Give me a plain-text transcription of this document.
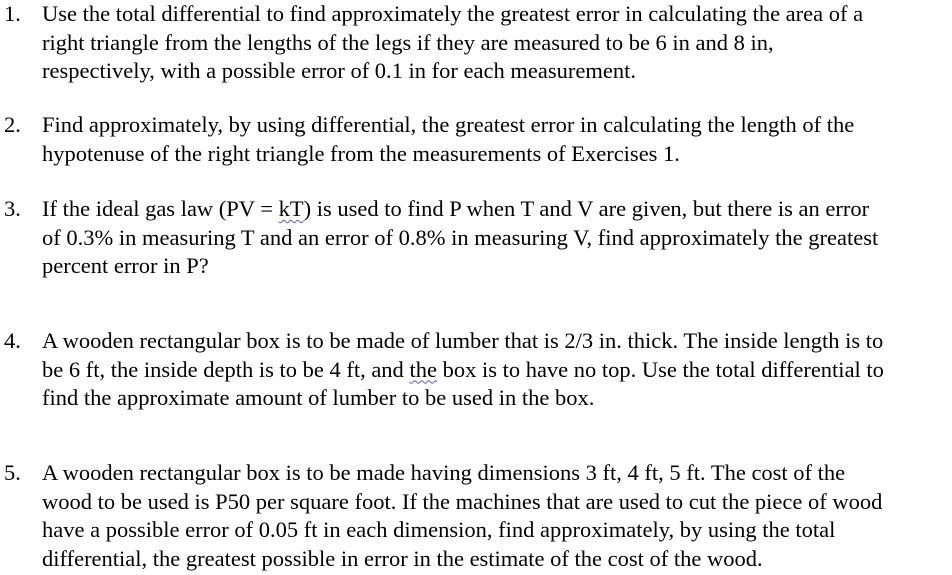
1. Use the total differential to find approximately the greatest error in calculating the area of a
right triangle from the lengths of the legs if they are measured to be 6 in and 8 in,
respectively, with a possible error of 0.1 in for each measurement.
2. Find approximately, by using differential, the greatest error in calculating the length of the
hypotenuse of the right triangle from the measurements of Exercises 1.
3. If the ideal gas law (PV = kT) is used to find P when T and V are given, but there is an error
of 0.3% in measuring T and an error of 0.8% in measuring V, find approximately the greatest
percent error in P?
4. A wooden rectangular box is to be made of lumber that is 2/3 in. thick. The inside length is to
be 6 ft, the inside depth is to be 4 ft, and the box is to have no top. Use the total differential to
find the approximate amount of lumber to be used in the box.
5. A wooden rectangular box is to be made having dimensions 3 ft, 4 ft, 5 ft. The cost of the
wood to be used is P50 per square foot. If the machines that are used to cut the piece of wood
have a possible error of 0.05 ft in each dimension, find approximately, by using the total
differential, the greatest possible in error in the estimate of the cost of the wood.
